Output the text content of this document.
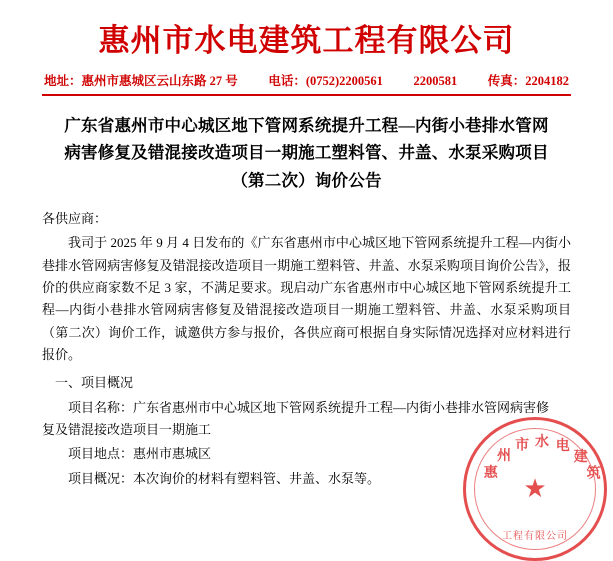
惠州市水电建筑工程有限公司
地址：惠州市惠城区云山东路 27 号 电话：(0752)2200561 2200581 传真：2204182
广东省惠州市中心城区地下管网系统提升工程—内街小巷排水管网
病害修复及错混接改造项目一期施工塑料管、井盖、水泵采购项目
（第二次）询价公告

各供应商：

我司于 2025 年 9 月 4 日发布的《广东省惠州市中心城区地下管网系统提升工程—内街小巷排水管网病害修复及错混接改造项目一期施工塑料管、井盖、水泵采购项目询价公告》，报价的供应商家数不足 3 家，不满足要求。现启动广东省惠州市中心城区地下管网系统提升工程—内街小巷排水管网病害修复及错混接改造项目一期施工塑料管、井盖、水泵采购项目（第二次）询价工作，诚邀供方参与报价，各供应商可根据自身实际情况选择对应材料进行报价。

一、项目概况

项目名称：广东省惠州市中心城区地下管网系统提升工程—内街小巷排水管网病害修

复及错混接改造项目一期施工

项目地点：惠州市惠城区

项目概况：本次询价的材料有塑料管、井盖、水泵等。	★
惠
州
市 水 电
建
筑
工程有限公司
